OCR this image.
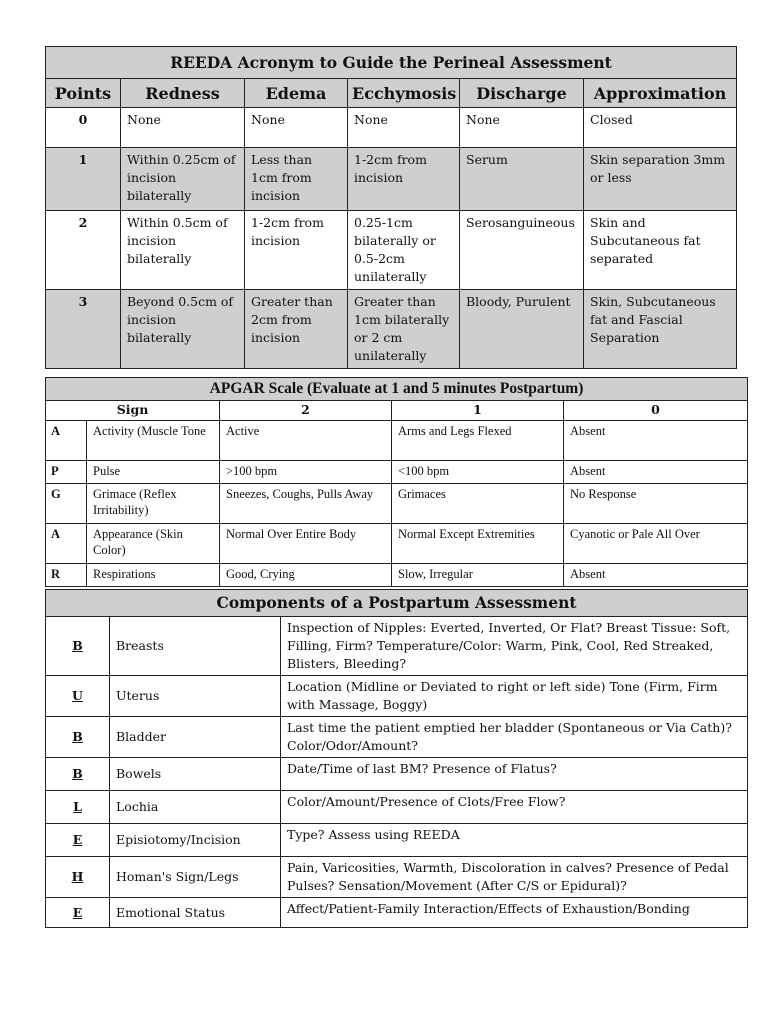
REEDA Acronym to Guide the Perineal Assessment					
Points	Redness	Edema	Ecchymosis	Discharge	Approximation
0	None	None	None	None	Closed
1	Within 0.25cm of incision bilaterally	Less than 1cm from incision	1-2cm from incision	Serum	Skin separation 3mm or less
2	Within 0.5cm of incision bilaterally	1-2cm from incision	0.25-1cm bilaterally or 0.5-2cm unilaterally	Serosanguineous	Skin and Subcutaneous fat separated
3	Beyond 0.5cm of incision bilaterally	Greater than 2cm from incision	Greater than 1cm bilaterally or 2 cm unilaterally	Bloody, Purulent	Skin, Subcutaneous fat and Fascial Separation
APGAR Scale (Evaluate at 1 and 5 minutes Postpartum)				
Sign		2	1	0
A	Activity (Muscle Tone	Active	Arms and Legs Flexed	Absent
P	Pulse	>100 bpm	<100 bpm	Absent
G	Grimace (Reflex Irritability)	Sneezes, Coughs, Pulls Away	Grimaces	No Response
A	Appearance (Skin Color)	Normal Over Entire Body	Normal Except Extremities	Cyanotic or Pale All Over
R	Respirations	Good, Crying	Slow, Irregular	Absent
Components of a Postpartum Assessment		
B	Breasts	Inspection of Nipples: Everted, Inverted, Or Flat? Breast Tissue: Soft, Filling, Firm? Temperature/Color: Warm, Pink, Cool, Red Streaked, Blisters, Bleeding?
U	Uterus	Location (Midline or Deviated to right or left side) Tone (Firm, Firm with Massage, Boggy)
B	Bladder	Last time the patient emptied her bladder (Spontaneous or Via Cath)? Color/Odor/Amount?
B	Bowels	Date/Time of last BM? Presence of Flatus?
L	Lochia	Color/Amount/Presence of Clots/Free Flow?
E	Episiotomy/Incision	Type? Assess using REEDA
H	Homan's Sign/Legs	Pain, Varicosities, Warmth, Discoloration in calves? Presence of Pedal Pulses? Sensation/Movement (After C/S or Epidural)?
E	Emotional Status	Affect/Patient-Family Interaction/Effects of Exhaustion/Bonding
